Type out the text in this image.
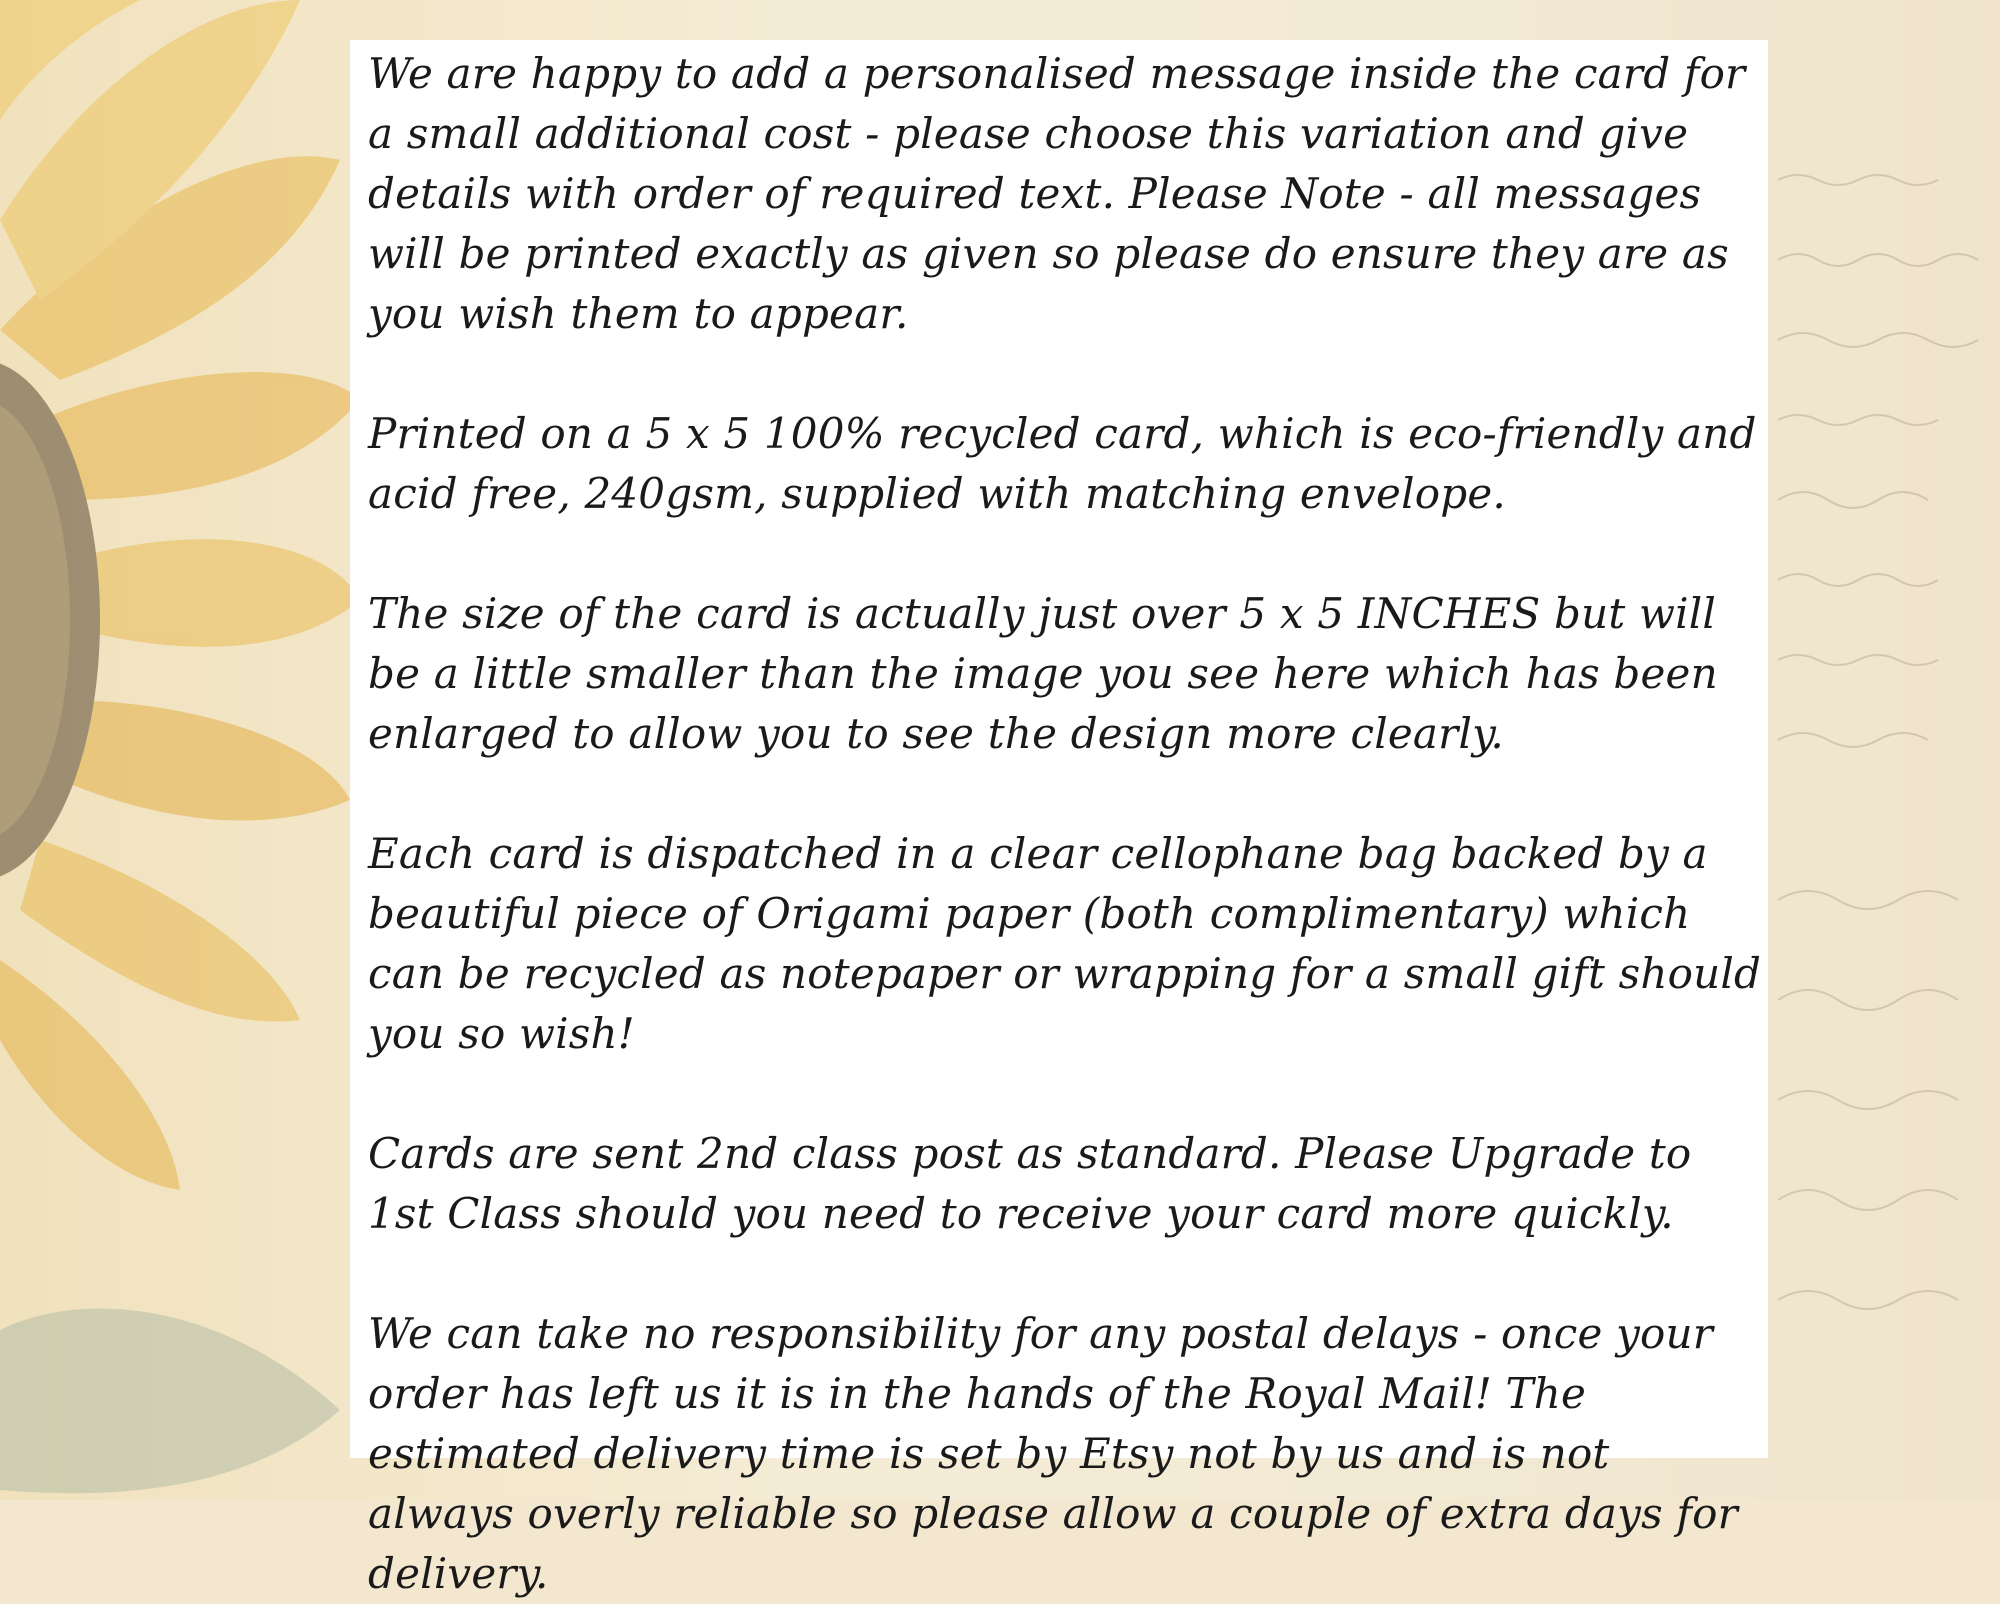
We are happy to add a personalised message inside the card for a small additional cost - please choose this variation and give details with order of required text. Please Note - all messages will be printed exactly as given so please do ensure they are as you wish them to appear.

Printed on a 5 x 5 100% recycled card, which is eco-friendly and acid free, 240gsm, supplied with matching envelope.

The size of the card is actually just over 5 x 5 INCHES but will be a little smaller than the image you see here which has been enlarged to allow you to see the design more clearly.

Each card is dispatched in a clear cellophane bag backed by a beautiful piece of Origami paper (both complimentary) which can be recycled as notepaper or wrapping for a small gift should you so wish!

Cards are sent 2nd class post as standard. Please Upgrade to 1st Class should you need to receive your card more quickly.

We can take no responsibility for any postal delays - once your order has left us it is in the hands of the Royal Mail! The estimated delivery time is set by Etsy not by us and is not always overly reliable so please allow a couple of extra days for delivery.
